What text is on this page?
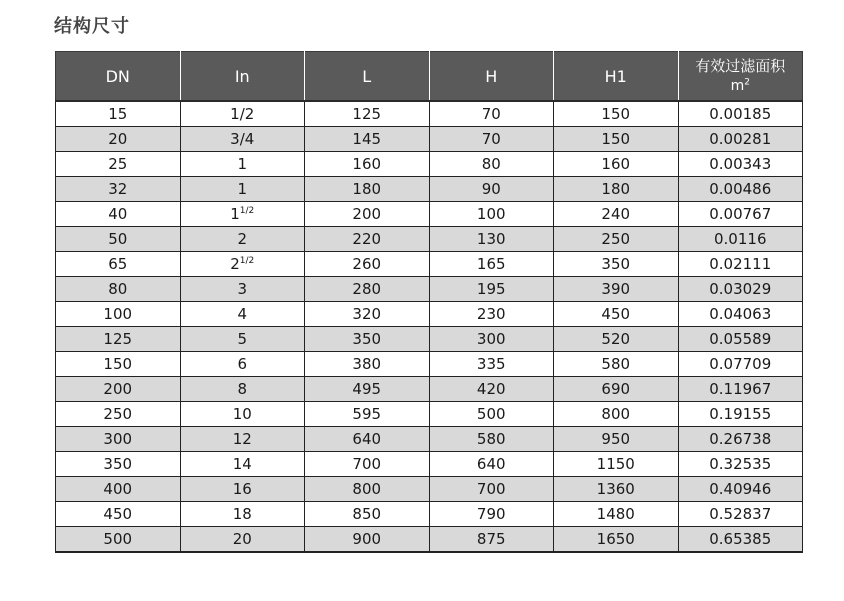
结构尺寸
DN	In	L	H	H1	有效过滤面积
$m^2$

15	1/2	125	70	150	0.00185
20	3/4	145	70	150	0.00281
25	1	160	80	160	0.00343
32	1	180	90	180	0.00486
40	$1^{1/2}$	200	100	240	0.00767
50	2	220	130	250	0.0116
65	$2^{1/2}$	260	165	350	0.02111
80	3	280	195	390	0.03029
100	4	320	230	450	0.04063
125	5	350	300	520	0.05589
150	6	380	335	580	0.07709
200	8	495	420	690	0.11967
250	10	595	500	800	0.19155
300	12	640	580	950	0.26738
350	14	700	640	1150	0.32535
400	16	800	700	1360	0.40946
450	18	850	790	1480	0.52837
500	20	900	875	1650	0.65385
